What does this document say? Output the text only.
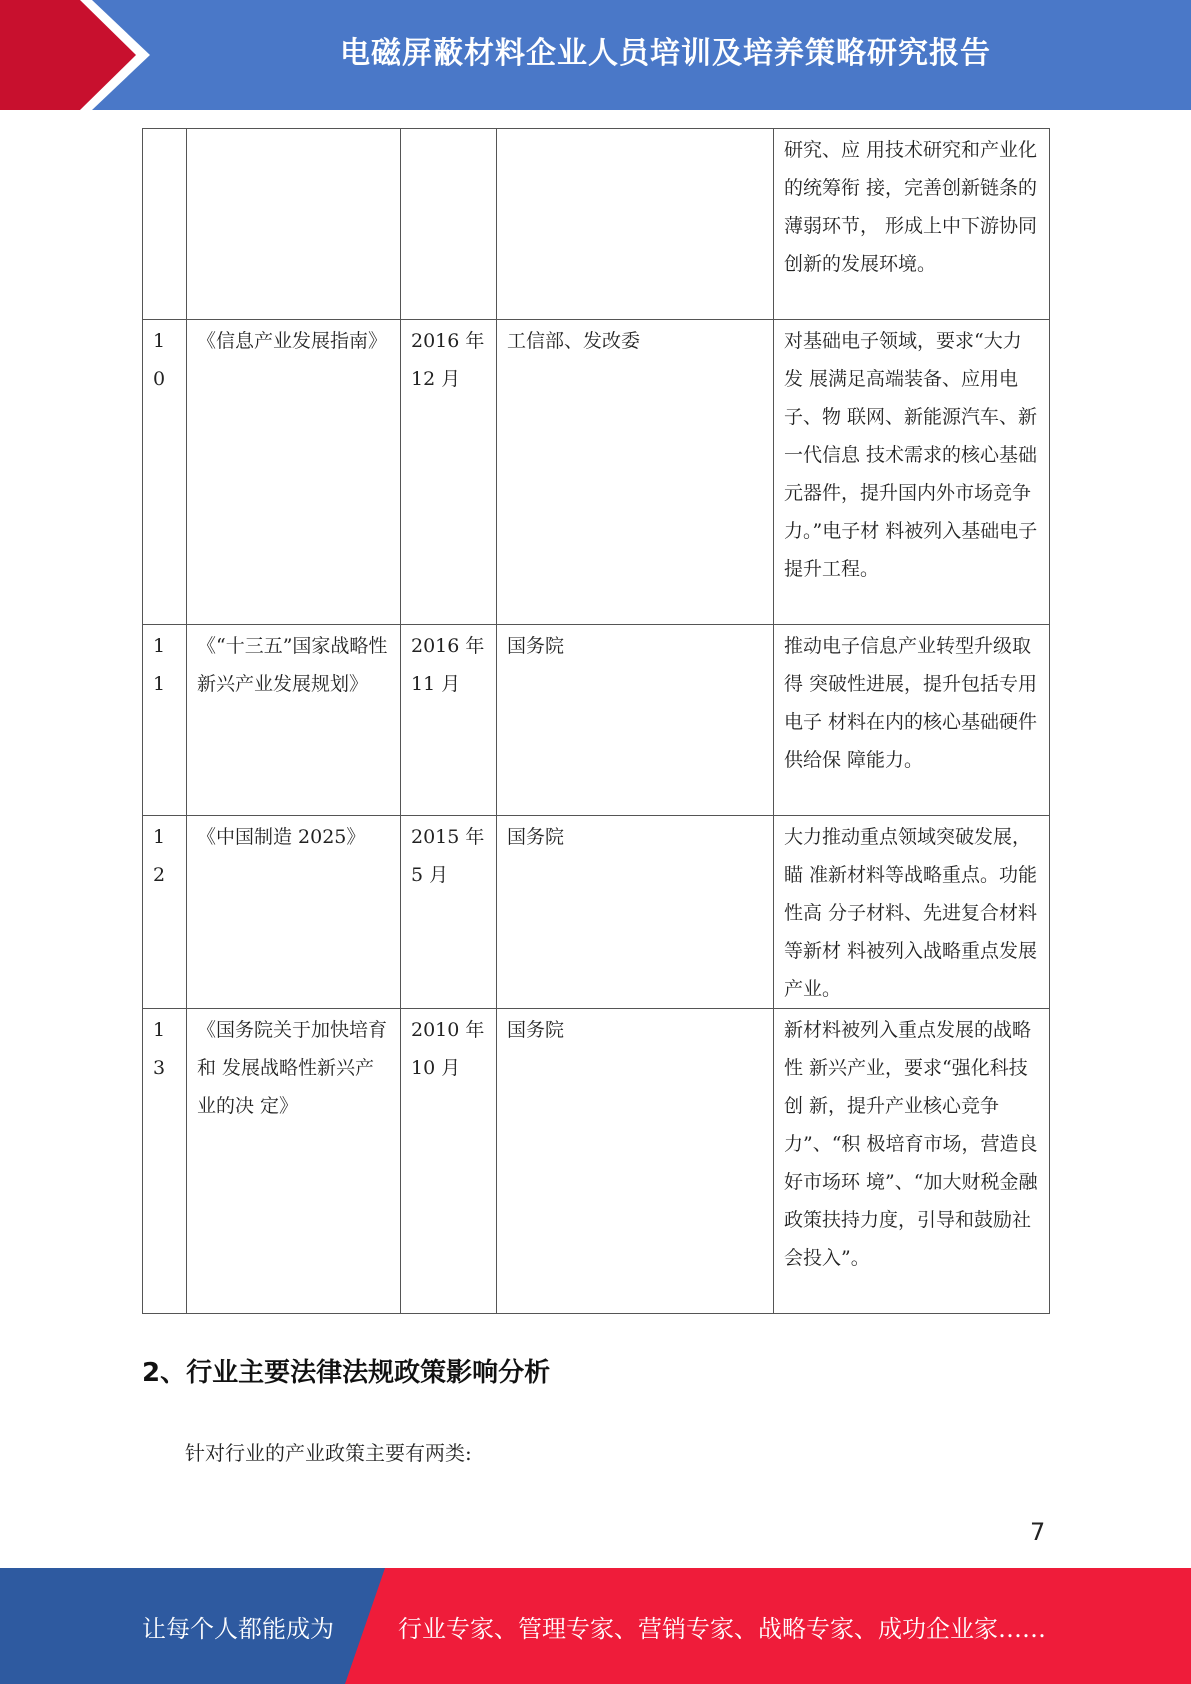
电磁屏蔽材料企业人员培训及培养策略研究报告

				研究、应 用技术研究和产业化的统筹衔 接，完善创新链条的薄弱环节， 形成上中下游协同创新的发展环境。

10	《信息产业发展指南》	2016 年 12 月	工信部、发改委	对基础电子领域，要求“大力发 展满足高端装备、应用电子、物 联网、新能源汽车、新一代信息 技术需求的核心基础元器件，提升国内外市场竞争力。”电子材 料被列入基础电子提升工程。

11	《“十三五”国家战略性 新兴产业发展规划》	2016 年 11 月	国务院	推动电子信息产业转型升级取得 突破性进展，提升包括专用电子 材料在内的核心基础硬件供给保 障能力。

12	《中国制造 2025》	2015 年 5 月	国务院	大力推动重点领域突破发展，瞄 准新材料等战略重点。功能性高 分子材料、先进复合材料等新材 料被列入战略重点发展产业。

13	《国务院关于加快培育和 发展战略性新兴产业的决 定》	2010 年 10 月	国务院	新材料被列入重点发展的战略性 新兴产业，要求“强化科技创 新，提升产业核心竞争力”、“积 极培育市场，营造良好市场环 境”、“加大财税金融政策扶持力度，引导和鼓励社会投入”。
2、行业主要法律法规政策影响分析
针对行业的产业政策主要有两类:
7
让每个人都能成为	行业专家、管理专家、营销专家、战略专家、成功企业家……
